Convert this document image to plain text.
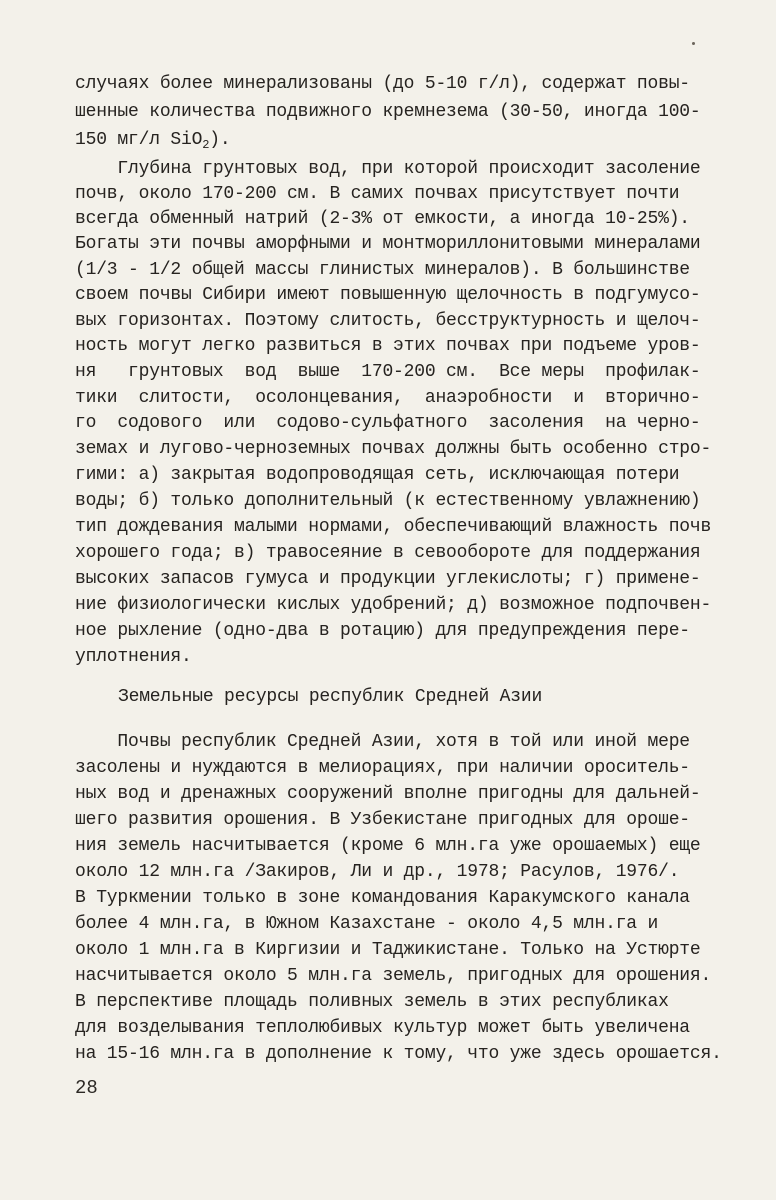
случаях более минерализованы (до 5-10 г/л), содержат повы-
шенные количества подвижного кремнезема (30-50, иногда 100-
150 мг/л SiO$_2$).
Глубина грунтовых вод, при которой происходит засоление
почв, около 170-200 см. В самих почвах присутствует почти
всегда обменный натрий (2-3% от емкости, а иногда 10-25%).
Богаты эти почвы аморфными и монтмориллонитовыми минералами
(1/3 - 1/2 общей массы глинистых минералов). В большинстве
своем почвы Сибири имеют повышенную щелочность в подгумусо-
вых горизонтах. Поэтому слитость, бесструктурность и щелоч-
ность могут легко развиться в этих почвах при подъеме уров-
ня   грунтовых  вод  выше  170-200 см.  Все меры  профилак-
тики  слитости,  осолонцевания,  анаэробности  и  вторично-
го  содового  или  содово-сульфатного  засоления  на черно-
земах и лугово-черноземных почвах должны быть особенно стро-
гими: а) закрытая водопроводящая сеть, исключающая потери
воды; б) только дополнительный (к естественному увлажнению)
тип дождевания малыми нормами, обеспечивающий влажность почв
хорошего года; в) травосеяние в севообороте для поддержания
высоких запасов гумуса и продукции углекислоты; г) примене-
ние физиологически кислых удобрений; д) возможное подпочвен-
ное рыхление (одно-два в ротацию) для предупреждения пере-
уплотнения.
Земельные ресурсы республик Средней Азии
Почвы республик Средней Азии, хотя в той или иной мере
засолены и нуждаются в мелиорациях, при наличии ороситель-
ных вод и дренажных сооружений вполне пригодны для дальней-
шего развития орошения. В Узбекистане пригодных для ороше-
ния земель насчитывается (кроме 6 млн.га уже орошаемых) еще
около 12 млн.га /Закиров, Ли и др., 1978; Расулов, 1976/.
В Туркмении только в зоне командования Каракумского канала
более 4 млн.га, в Южном Казахстане - около 4,5 млн.га и
около 1 млн.га в Киргизии и Таджикистане. Только на Устюрте
насчитывается около 5 млн.га земель, пригодных для орошения.
В перспективе площадь поливных земель в этих республиках
для возделывания теплолюбивых культур может быть увеличена
на 15-16 млн.га в дополнение к тому, что уже здесь орошается.
28
